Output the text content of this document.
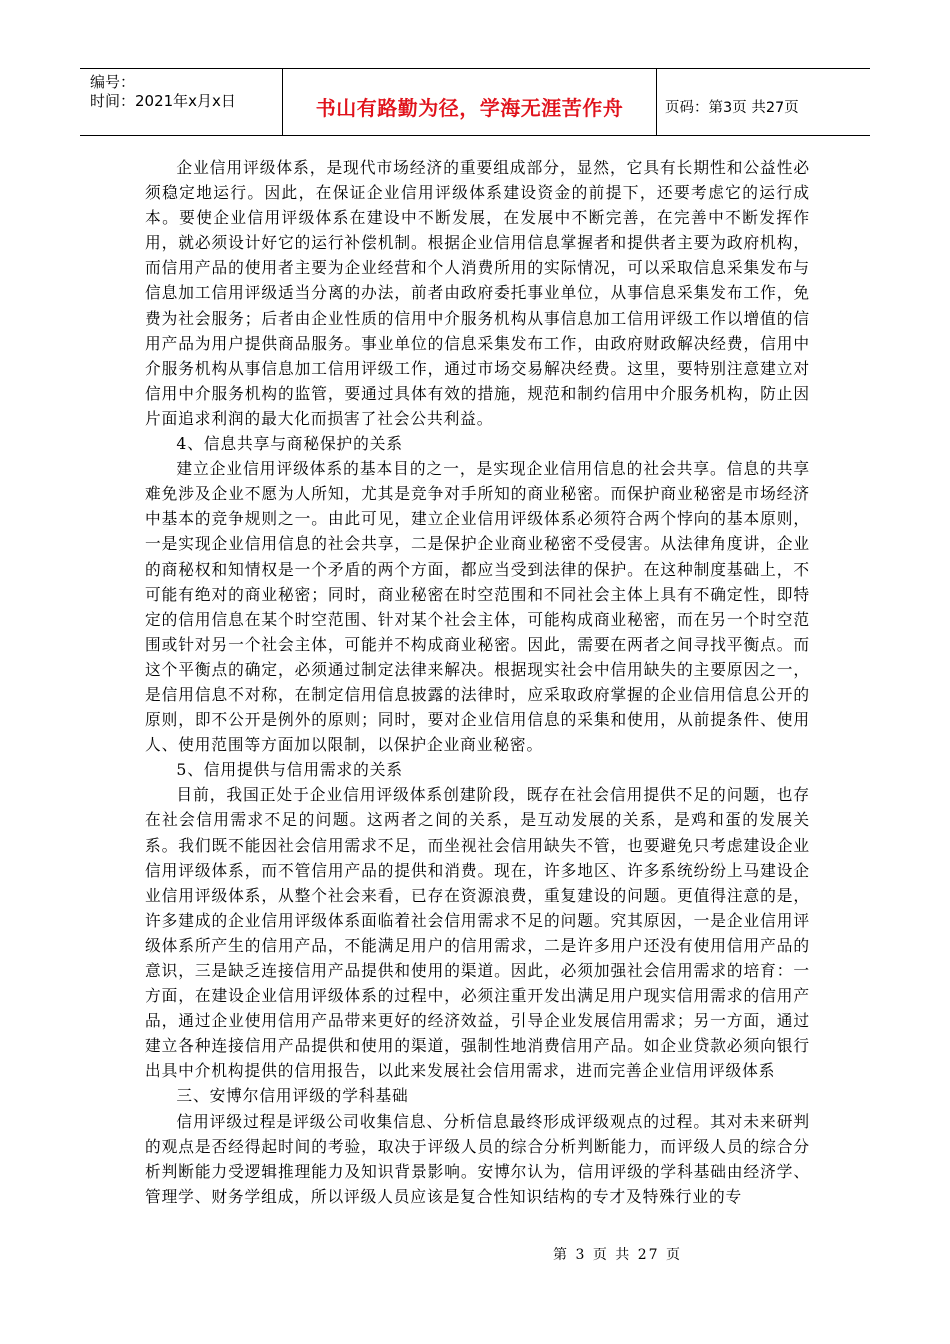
编号：
时间：2021年x月x日	书山有路勤为径，学海无涯苦作舟	页码：第3页 共27页

企业信用评级体系，是现代市场经济的重要组成部分，显然，它具有长期性和公益性必须稳定地运行。因此，在保证企业信用评级体系建设资金的前提下，还要考虑它的运行成本。要使企业信用评级体系在建设中不断发展，在发展中不断完善，在完善中不断发挥作用，就必须设计好它的运行补偿机制。根据企业信用信息掌握者和提供者主要为政府机构，而信用产品的使用者主要为企业经营和个人消费所用的实际情况，可以采取信息采集发布与信息加工信用评级适当分离的办法，前者由政府委托事业单位，从事信息采集发布工作，免费为社会服务；后者由企业性质的信用中介服务机构从事信息加工信用评级工作以增值的信用产品为用户提供商品服务。事业单位的信息采集发布工作，由政府财政解决经费，信用中介服务机构从事信息加工信用评级工作，通过市场交易解决经费。这里，要特别注意建立对信用中介服务机构的监管，要通过具体有效的措施，规范和制约信用中介服务机构，防止因片面追求利润的最大化而损害了社会公共利益。

4、信息共享与商秘保护的关系

建立企业信用评级体系的基本目的之一，是实现企业信用信息的社会共享。信息的共享难免涉及企业不愿为人所知，尤其是竞争对手所知的商业秘密。而保护商业秘密是市场经济中基本的竞争规则之一。由此可见，建立企业信用评级体系必须符合两个悖向的基本原则，一是实现企业信用信息的社会共享，二是保护企业商业秘密不受侵害。从法律角度讲，企业的商秘权和知情权是一个矛盾的两个方面，都应当受到法律的保护。在这种制度基础上，不可能有绝对的商业秘密；同时，商业秘密在时空范围和不同社会主体上具有不确定性，即特定的信用信息在某个时空范围、针对某个社会主体，可能构成商业秘密，而在另一个时空范围或针对另一个社会主体，可能并不构成商业秘密。因此，需要在两者之间寻找平衡点。而这个平衡点的确定，必须通过制定法律来解决。根据现实社会中信用缺失的主要原因之一，是信用信息不对称，在制定信用信息披露的法律时，应采取政府掌握的企业信用信息公开的原则，即不公开是例外的原则；同时，要对企业信用信息的采集和使用，从前提条件、使用人、使用范围等方面加以限制，以保护企业商业秘密。

5、信用提供与信用需求的关系

目前，我国正处于企业信用评级体系创建阶段，既存在社会信用提供不足的问题，也存在社会信用需求不足的问题。这两者之间的关系，是互动发展的关系，是鸡和蛋的发展关系。我们既不能因社会信用需求不足，而坐视社会信用缺失不管，也要避免只考虑建设企业信用评级体系，而不管信用产品的提供和消费。现在，许多地区、许多系统纷纷上马建设企业信用评级体系，从整个社会来看，已存在资源浪费，重复建设的问题。更值得注意的是，许多建成的企业信用评级体系面临着社会信用需求不足的问题。究其原因，一是企业信用评级体系所产生的信用产品，不能满足用户的信用需求，二是许多用户还没有使用信用产品的意识，三是缺乏连接信用产品提供和使用的渠道。因此，必须加强社会信用需求的培育：一方面，在建设企业信用评级体系的过程中，必须注重开发出满足用户现实信用需求的信用产品，通过企业使用信用产品带来更好的经济效益，引导企业发展信用需求；另一方面，通过建立各种连接信用产品提供和使用的渠道，强制性地消费信用产品。如企业贷款必须向银行出具中介机构提供的信用报告，以此来发展社会信用需求，进而完善企业信用评级体系

三、安博尔信用评级的学科基础

信用评级过程是评级公司收集信息、分析信息最终形成评级观点的过程。其对未来研判的观点是否经得起时间的考验，取决于评级人员的综合分析判断能力，而评级人员的综合分析判断能力受逻辑推理能力及知识背景影响。安博尔认为，信用评级的学科基础由经济学、管理学、财务学组成，所以评级人员应该是复合性知识结构的专才及特殊行业的专

第 3 页 共 27 页
